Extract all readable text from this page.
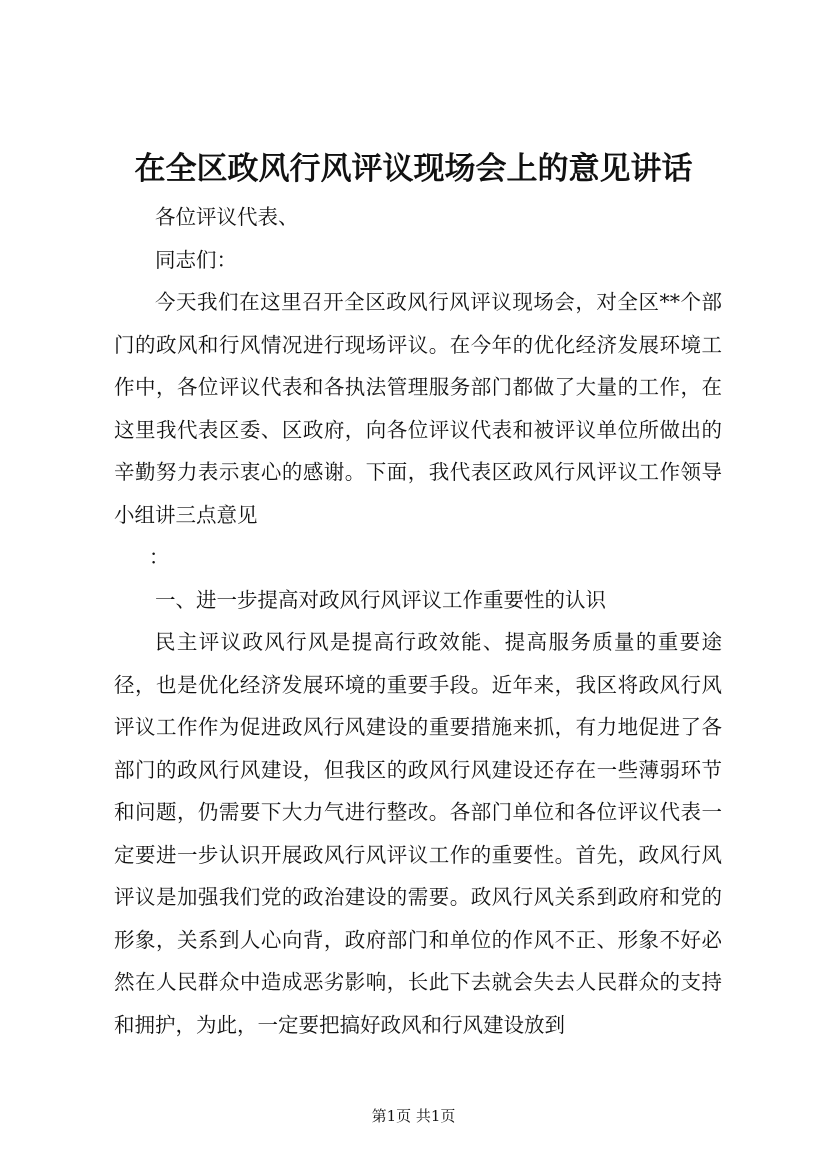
在全区政风行风评议现场会上的意见讲话

各位评议代表、

同志们：

今天我们在这里召开全区政风行风评议现场会，对全区**个部门的政风和行风情况进行现场评议。在今年的优化经济发展环境工作中，各位评议代表和各执法管理服务部门都做了大量的工作，在这里我代表区委、区政府，向各位评议代表和被评议单位所做出的辛勤努力表示衷心的感谢。下面，我代表区政风行风评议工作领导小组讲三点意见

：

一、进一步提高对政风行风评议工作重要性的认识

民主评议政风行风是提高行政效能、提高服务质量的重要途径，也是优化经济发展环境的重要手段。近年来，我区将政风行风评议工作作为促进政风行风建设的重要措施来抓，有力地促进了各部门的政风行风建设，但我区的政风行风建设还存在一些薄弱环节和问题，仍需要下大力气进行整改。各部门单位和各位评议代表一定要进一步认识开展政风行风评议工作的重要性。首先，政风行风评议是加强我们党的政治建设的需要。政风行风关系到政府和党的形象，关系到人心向背，政府部门和单位的作风不正、形象不好必然在人民群众中造成恶劣影响，长此下去就会失去人民群众的支持和拥护，为此，一定要把搞好政风和行风建设放到

第1页 共1页
